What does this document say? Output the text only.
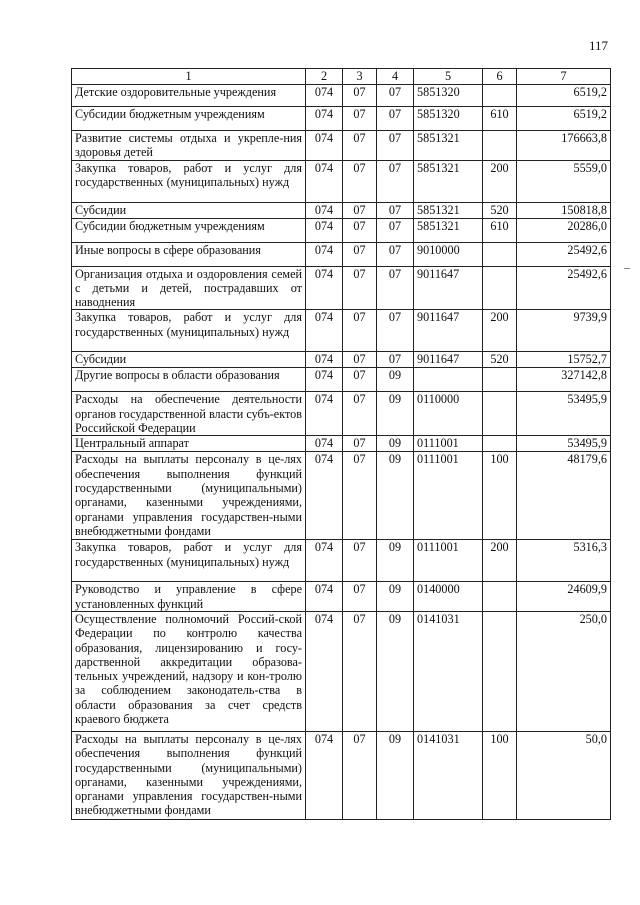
117
1	2	3	4	5	6	7
Детские оздоровительные учреждения	074	07	07	5851320		6519,2
Субсидии бюджетным учреждениям	074	07	07	5851320	610	6519,2
Развитие системы отдыха и укрепле-ния здоровья детей	074	07	07	5851321		176663,8
Закупка товаров, работ и услуг для государственных (муниципальных) нужд	074	07	07	5851321	200	5559,0
Субсидии	074	07	07	5851321	520	150818,8
Субсидии бюджетным учреждениям	074	07	07	5851321	610	20286,0
Иные вопросы в сфере образования	074	07	07	9010000		25492,6
Организация отдыха и оздоровления семей с детьми и детей, пострадавших от наводнения	074	07	07	9011647		25492,6
Закупка товаров, работ и услуг для государственных (муниципальных) нужд	074	07	07	9011647	200	9739,9
Субсидии	074	07	07	9011647	520	15752,7
Другие вопросы в области образования	074	07	09			327142,8
Расходы на обеспечение деятельности органов государственной власти субъ-ектов Российской Федерации	074	07	09	0110000		53495,9
Центральный аппарат	074	07	09	0111001		53495,9
Расходы на выплаты персоналу в це-лях обеспечения выполнения функций государственными (муниципальными) органами, казенными учреждениями, органами управления государствен-ными внебюджетными фондами	074	07	09	0111001	100	48179,6
Закупка товаров, работ и услуг для государственных (муниципальных) нужд	074	07	09	0111001	200	5316,3
Руководство и управление в сфере установленных функций	074	07	09	0140000		24609,9
Осуществление полномочий Россий-ской Федерации по контролю качества образования, лицензированию и госу-дарственной аккредитации образова-тельных учреждений, надзору и кон-тролю за соблюдением законодатель-ства в области образования за счет средств краевого бюджета	074	07	09	0141031		250,0
Расходы на выплаты персоналу в це-лях обеспечения выполнения функций государственными (муниципальными) органами, казенными учреждениями, органами управления государствен-ными внебюджетными фондами	074	07	09	0141031	100	50,0
